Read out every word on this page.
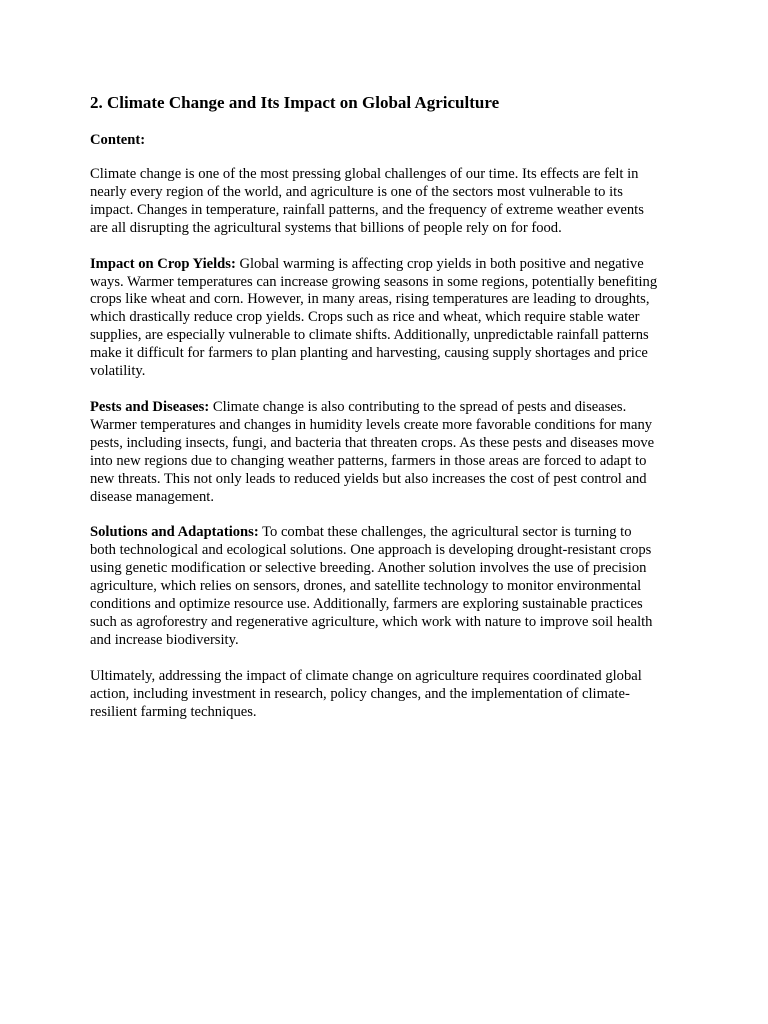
2. Climate Change and Its Impact on Global Agriculture

Content:

Climate change is one of the most pressing global challenges of our time. Its effects are felt in
nearly every region of the world, and agriculture is one of the sectors most vulnerable to its
impact. Changes in temperature, rainfall patterns, and the frequency of extreme weather events
are all disrupting the agricultural systems that billions of people rely on for food.

Impact on Crop Yields: Global warming is affecting crop yields in both positive and negative
ways. Warmer temperatures can increase growing seasons in some regions, potentially benefiting
crops like wheat and corn. However, in many areas, rising temperatures are leading to droughts,
which drastically reduce crop yields. Crops such as rice and wheat, which require stable water
supplies, are especially vulnerable to climate shifts. Additionally, unpredictable rainfall patterns
make it difficult for farmers to plan planting and harvesting, causing supply shortages and price
volatility.

Pests and Diseases: Climate change is also contributing to the spread of pests and diseases.
Warmer temperatures and changes in humidity levels create more favorable conditions for many
pests, including insects, fungi, and bacteria that threaten crops. As these pests and diseases move
into new regions due to changing weather patterns, farmers in those areas are forced to adapt to
new threats. This not only leads to reduced yields but also increases the cost of pest control and
disease management.

Solutions and Adaptations: To combat these challenges, the agricultural sector is turning to
both technological and ecological solutions. One approach is developing drought-resistant crops
using genetic modification or selective breeding. Another solution involves the use of precision
agriculture, which relies on sensors, drones, and satellite technology to monitor environmental
conditions and optimize resource use. Additionally, farmers are exploring sustainable practices
such as agroforestry and regenerative agriculture, which work with nature to improve soil health
and increase biodiversity.

Ultimately, addressing the impact of climate change on agriculture requires coordinated global
action, including investment in research, policy changes, and the implementation of climate-
resilient farming techniques.
